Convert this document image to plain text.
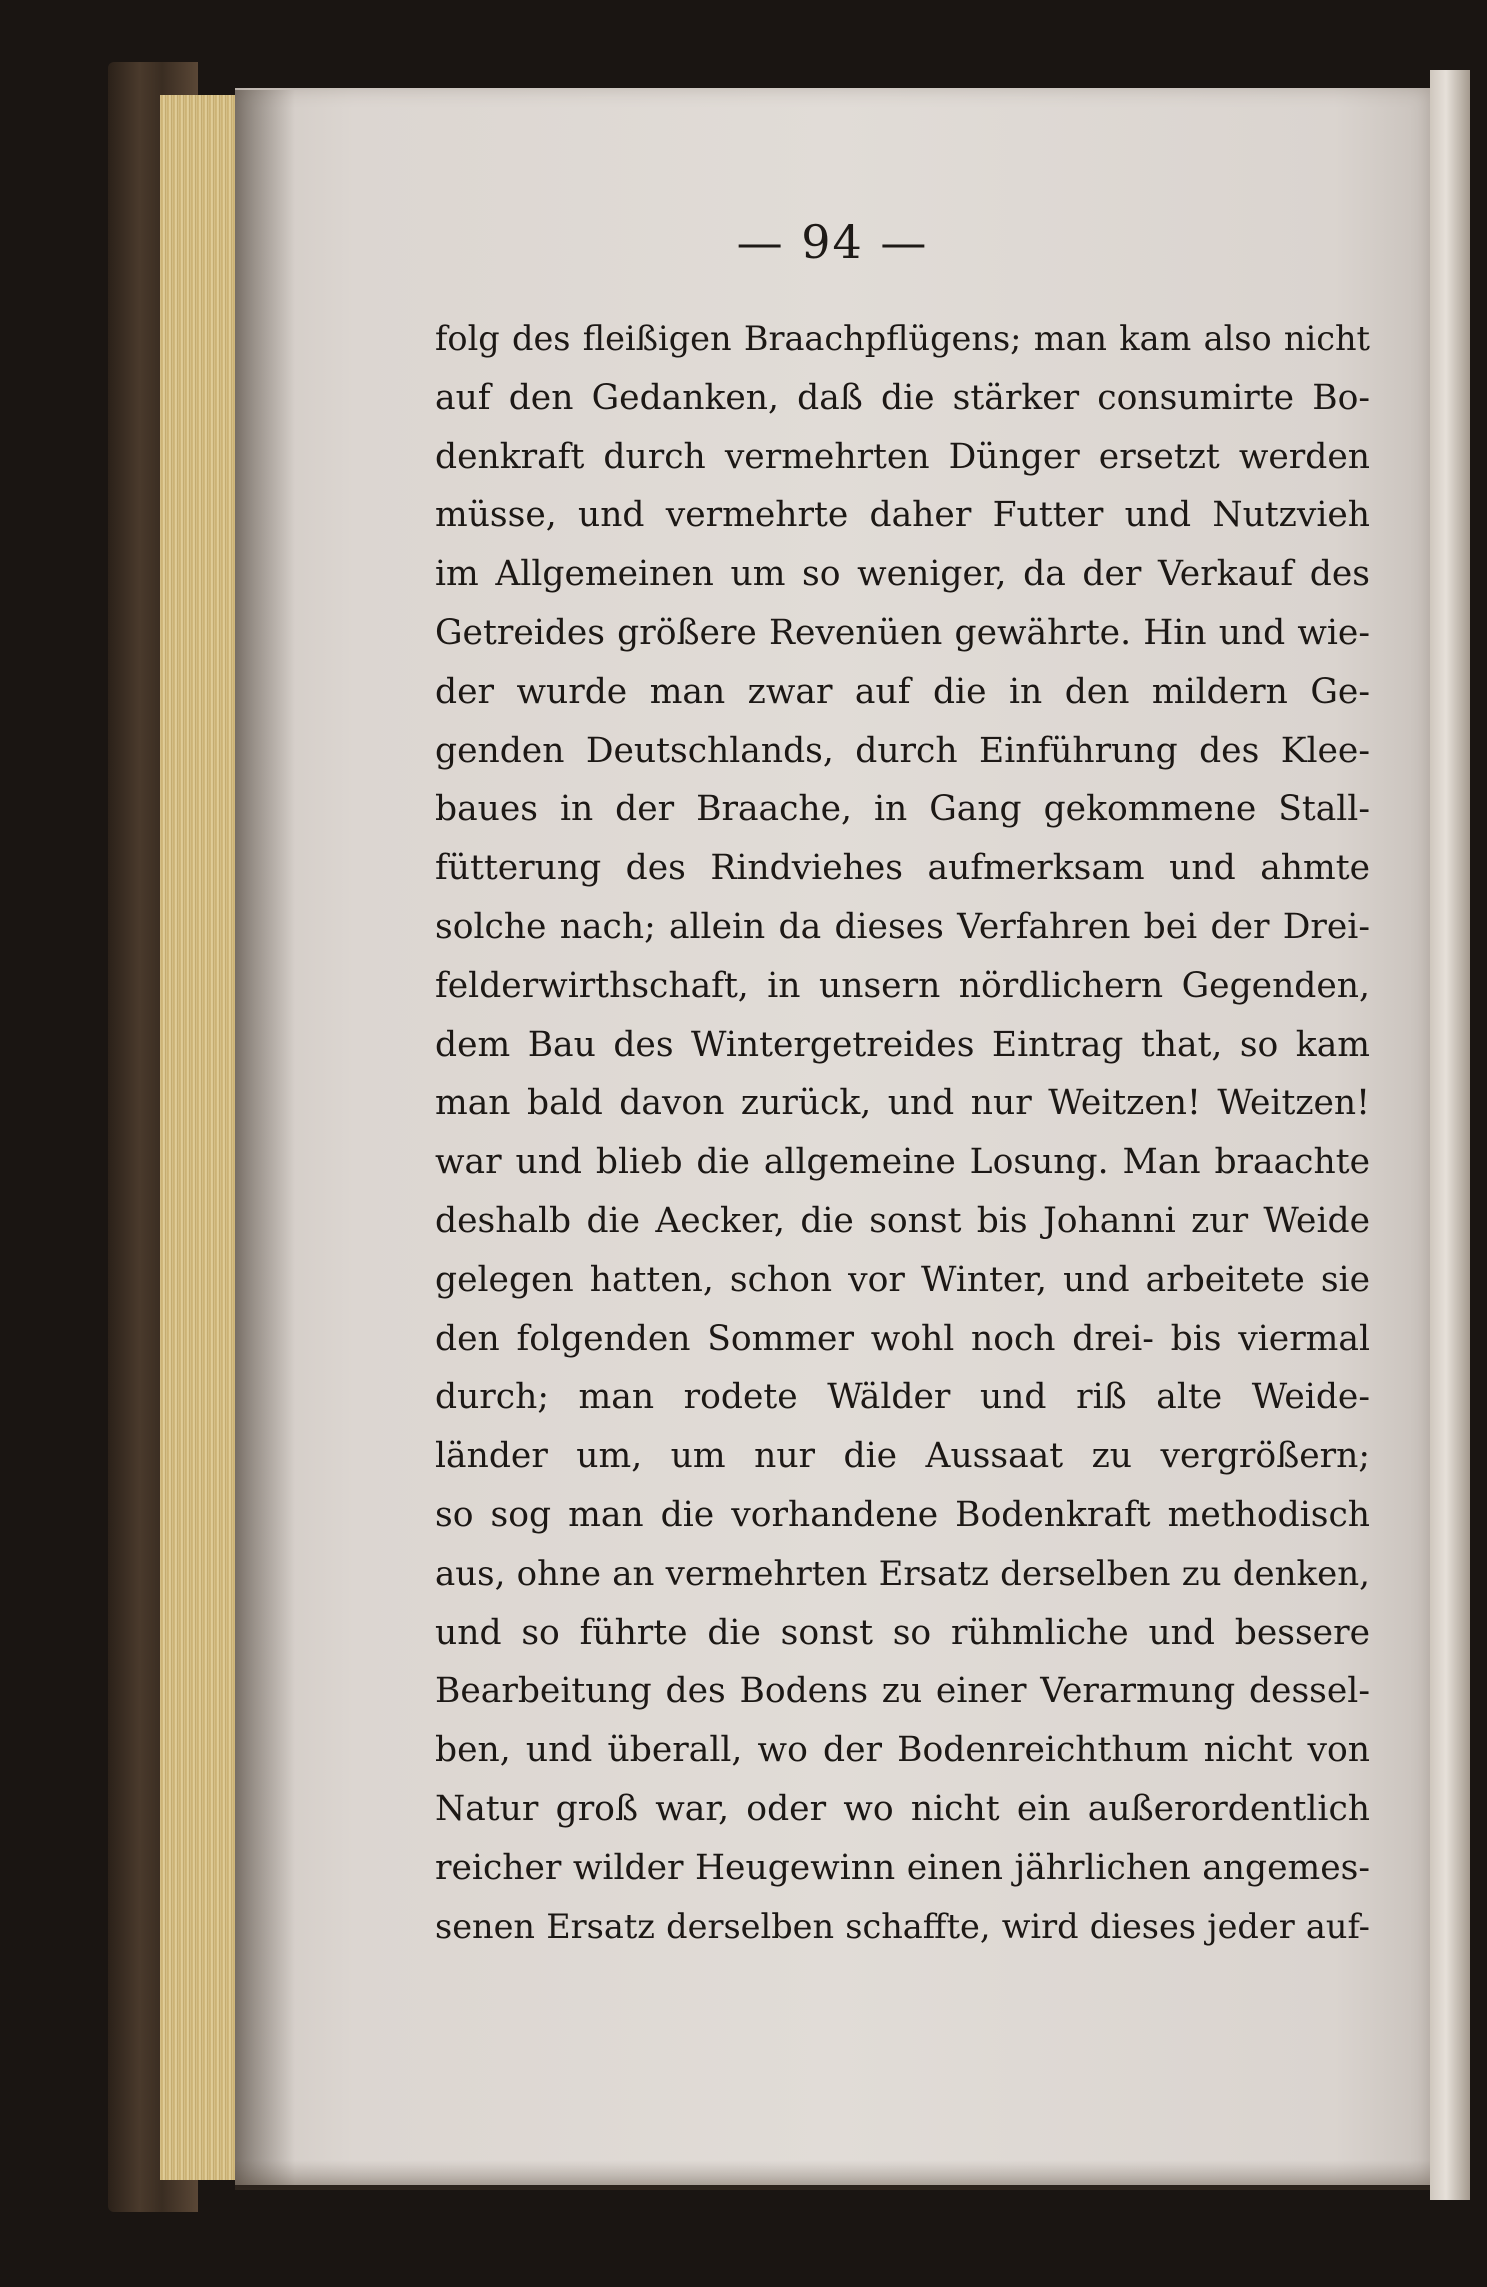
— 94 —
folg des fleißigen Braachpflügens; man kam also nicht
auf den Gedanken, daß die stärker consumirte Bo-
denkraft durch vermehrten Dünger ersetzt werden
müsse, und vermehrte daher Futter und Nutzvieh
im Allgemeinen um so weniger, da der Verkauf des
Getreides größere Revenüen gewährte. Hin und wie-
der wurde man zwar auf die in den mildern Ge-
genden Deutschlands, durch Einführung des Klee-
baues in der Braache, in Gang gekommene Stall-
fütterung des Rindviehes aufmerksam und ahmte
solche nach; allein da dieses Verfahren bei der Drei-
felderwirthschaft, in unsern nördlichern Gegenden,
dem Bau des Wintergetreides Eintrag that, so kam
man bald davon zurück, und nur Weitzen! Weitzen!
war und blieb die allgemeine Losung. Man braachte
deshalb die Aecker, die sonst bis Johanni zur Weide
gelegen hatten, schon vor Winter, und arbeitete sie
den folgenden Sommer wohl noch drei- bis viermal
durch; man rodete Wälder und riß alte Weide-
länder um, um nur die Aussaat zu vergrößern;
so sog man die vorhandene Bodenkraft methodisch
aus, ohne an vermehrten Ersatz derselben zu denken,
und so führte die sonst so rühmliche und bessere
Bearbeitung des Bodens zu einer Verarmung dessel-
ben, und überall, wo der Bodenreichthum nicht von
Natur groß war, oder wo nicht ein außerordentlich
reicher wilder Heugewinn einen jährlichen angemes-
senen Ersatz derselben schaffte, wird dieses jeder auf-
